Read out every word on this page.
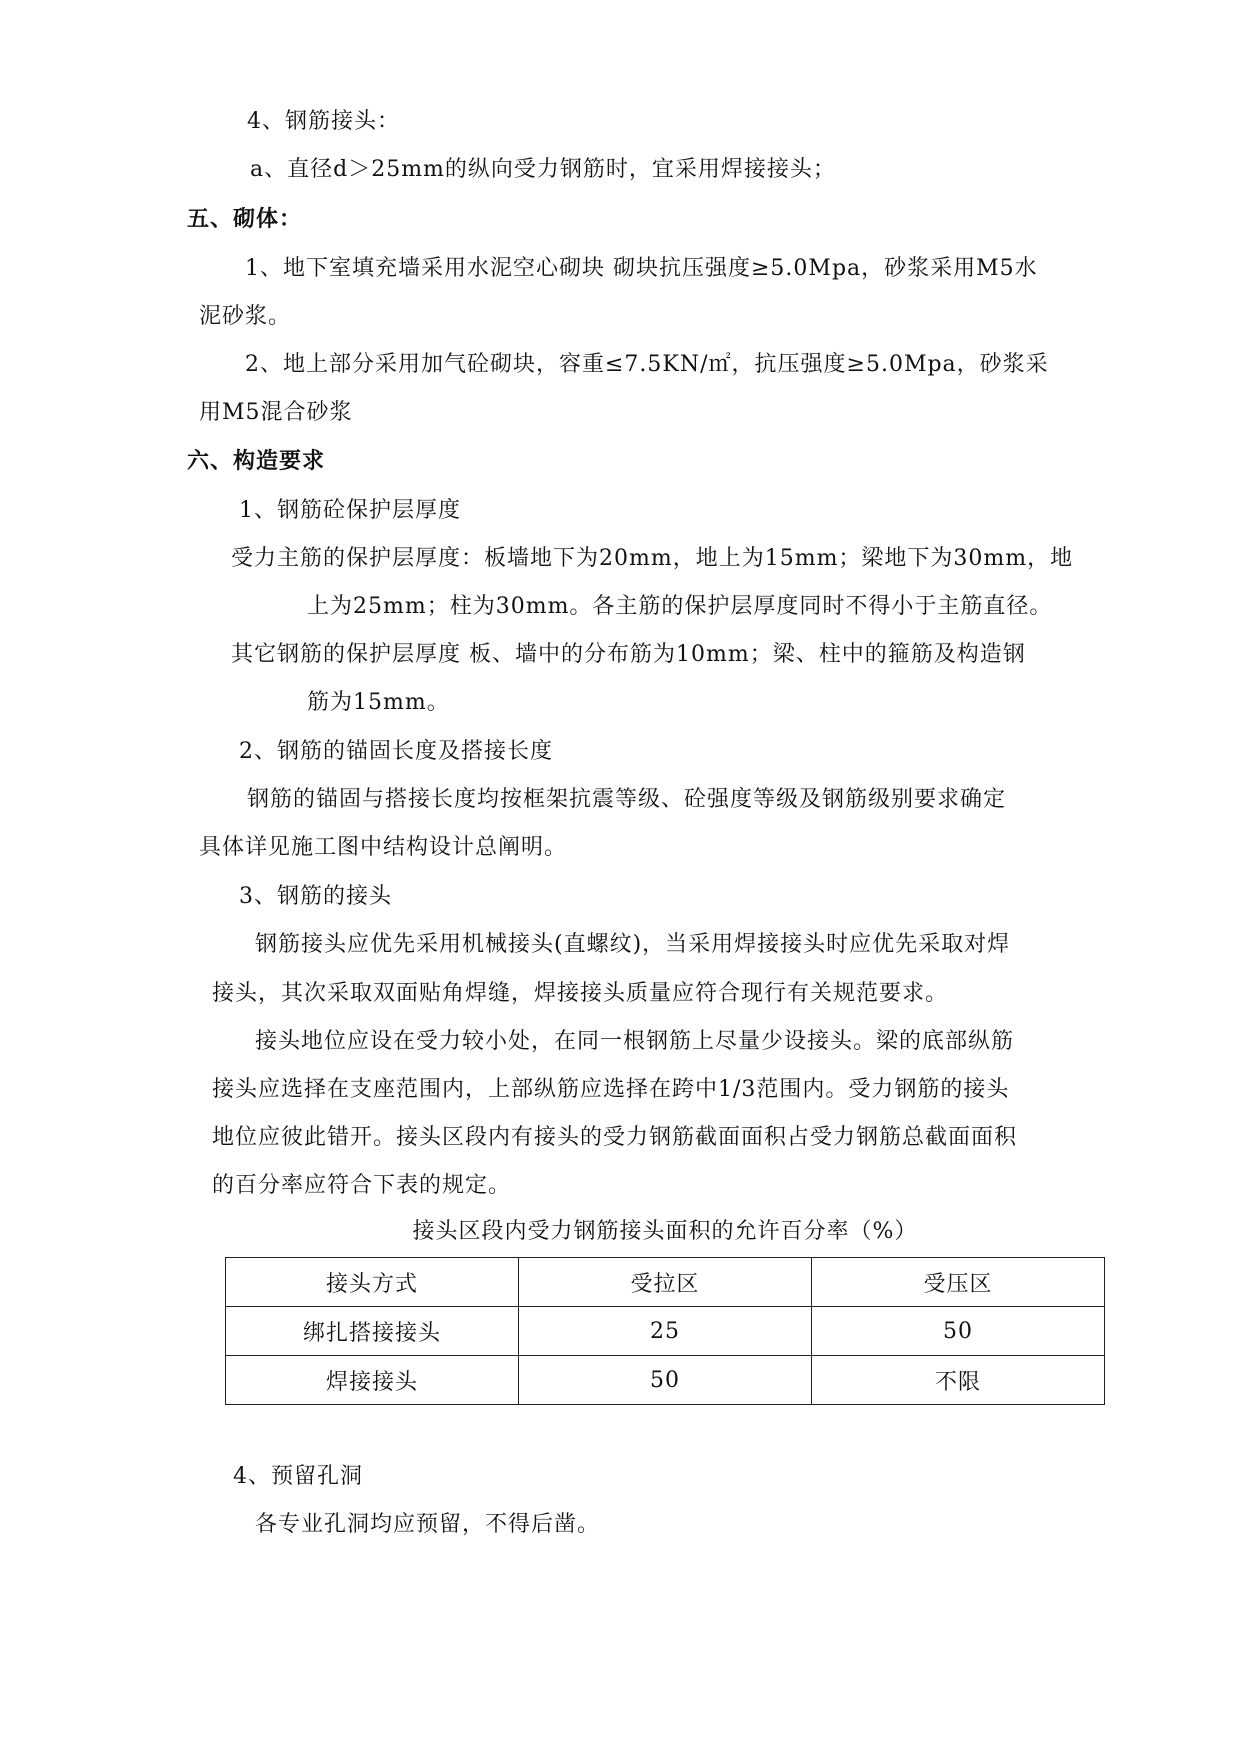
4、钢筋接头：
a、直径d＞25mm的纵向受力钢筋时，宜采用焊接接头；
五、砌体：
1、地下室填充墙采用水泥空心砌块 砌块抗压强度≥5.0Mpa，砂浆采用M5水
泥砂浆。
2、地上部分采用加气砼砌块，容重≤7.5KN/㎡，抗压强度≥5.0Mpa，砂浆采
用M5混合砂浆
六、构造要求
1、钢筋砼保护层厚度
受力主筋的保护层厚度：板墙地下为20mm，地上为15mm；梁地下为30mm，地
上为25mm；柱为30mm。各主筋的保护层厚度同时不得小于主筋直径。
其它钢筋的保护层厚度 板、墙中的分布筋为10mm；梁、柱中的箍筋及构造钢
筋为15mm。
2、钢筋的锚固长度及搭接长度
钢筋的锚固与搭接长度均按框架抗震等级、砼强度等级及钢筋级别要求确定
具体详见施工图中结构设计总阐明。
3、钢筋的接头
钢筋接头应优先采用机械接头(直螺纹)，当采用焊接接头时应优先采取对焊
接头，其次采取双面贴角焊缝，焊接接头质量应符合现行有关规范要求。
接头地位应设在受力较小处，在同一根钢筋上尽量少设接头。梁的底部纵筋
接头应选择在支座范围内，上部纵筋应选择在跨中1/3范围内。受力钢筋的接头
地位应彼此错开。接头区段内有接头的受力钢筋截面面积占受力钢筋总截面面积
的百分率应符合下表的规定。
接头区段内受力钢筋接头面积的允许百分率（%）
接头方式	受拉区	受压区
绑扎搭接接头	25	50
焊接接头	50	不限
4、预留孔洞
各专业孔洞均应预留，不得后凿。
